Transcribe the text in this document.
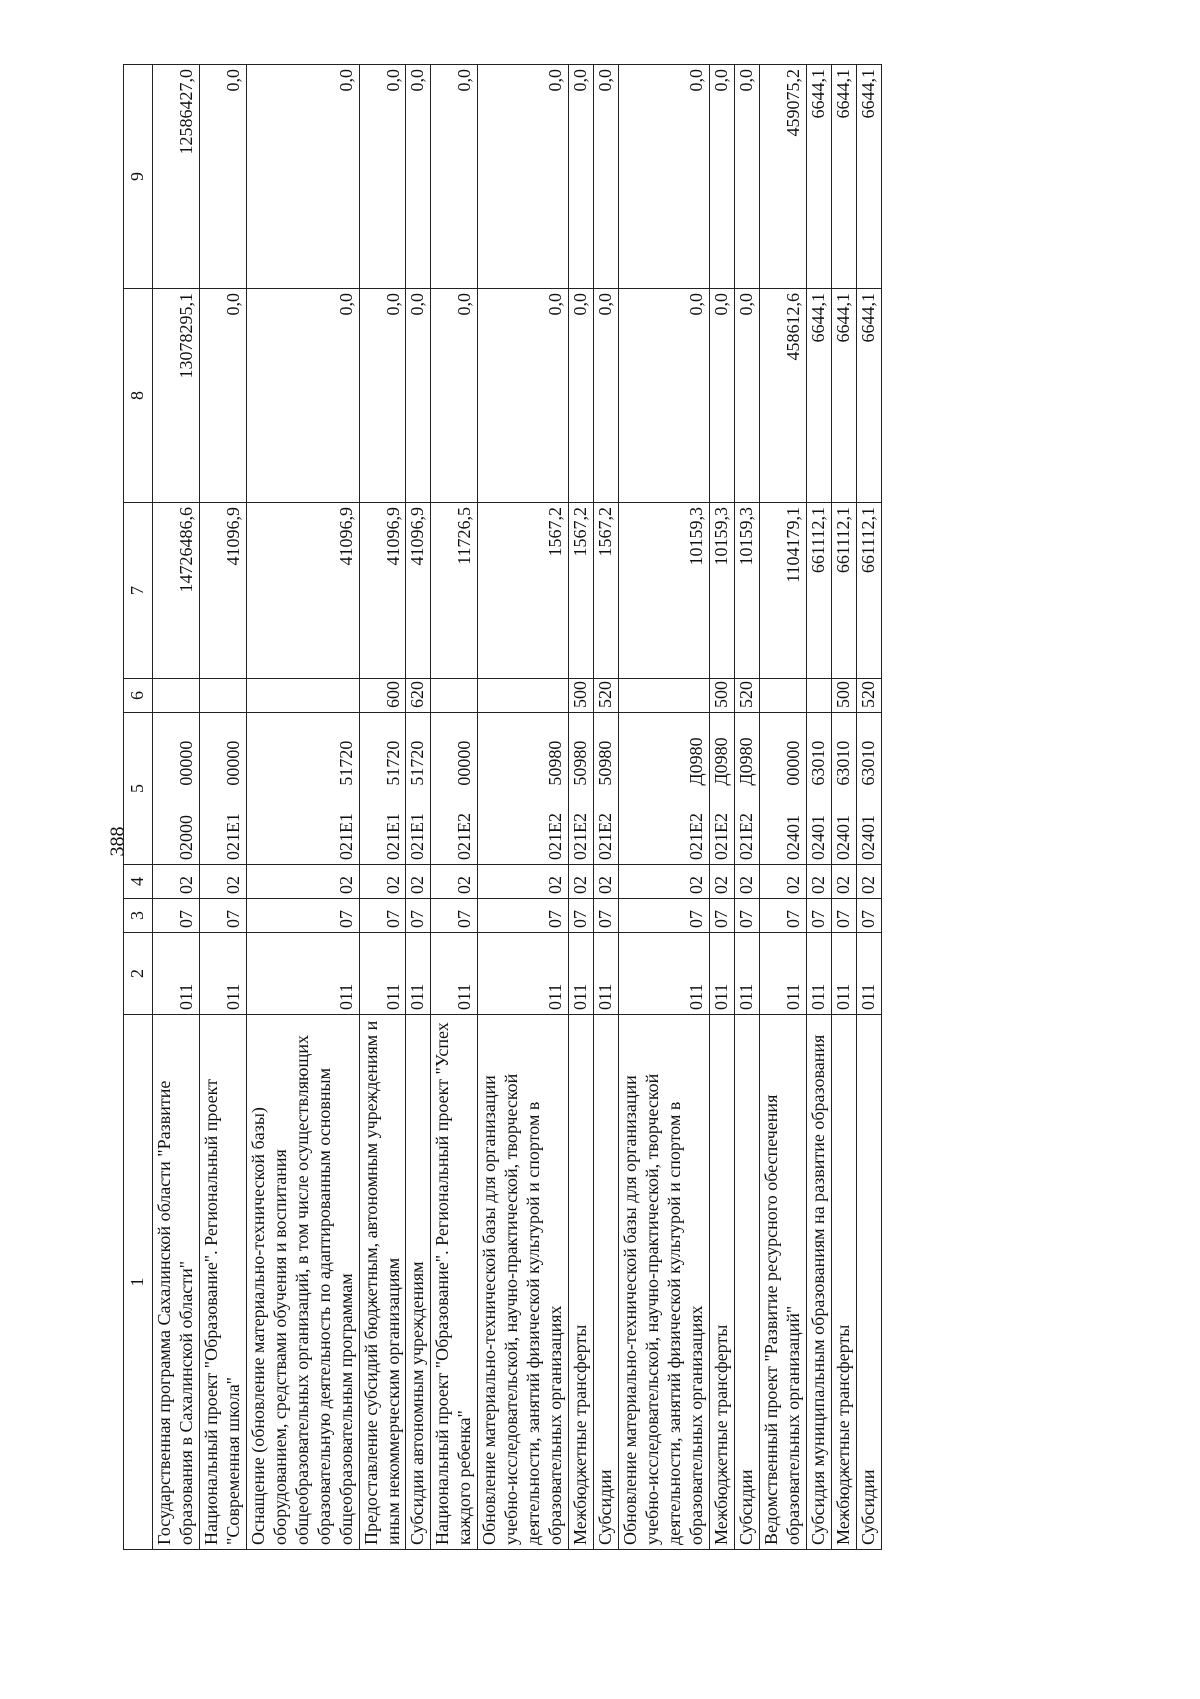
388
1	2	3	4	5	6	7	8	9
Государственная программа Сахалинской области "Развитие образования в Сахалинской области"	011	07	02	0200000000		14726486,6	13078295,1	12586427,0
Национальный проект "Образование". Региональный проект "Современная школа"	011	07	02	021E100000		41096,9	0,0	0,0
Оснащение (обновление материально-технической базы) оборудованием, средствами обучения и воспитания общеобразовательных организаций, в том числе осуществляющих образовательную деятельность по адаптированным основным общеобразовательным программам	011	07	02	021E151720		41096,9	0,0	0,0
Предоставление субсидий бюджетным, автономным учреждениям и иным некоммерческим организациям	011	07	02	021E151720	600	41096,9	0,0	0,0
Субсидии автономным учреждениям	011	07	02	021E151720	620	41096,9	0,0	0,0
Национальный проект "Образование". Региональный проект "Успех каждого ребенка"	011	07	02	021E200000		11726,5	0,0	0,0
Обновление материально-технической базы для организации учебно-исследовательской, научно-практической, творческой деятельности, занятий физической культурой и спортом в образовательных организациях	011	07	02	021E250980		1567,2	0,0	0,0
Межбюджетные трансферты	011	07	02	021E250980	500	1567,2	0,0	0,0
Субсидии	011	07	02	021E250980	520	1567,2	0,0	0,0
Обновление материально-технической базы для организации учебно-исследовательской, научно-практической, творческой деятельности, занятий физической культурой и спортом в образовательных организациях	011	07	02	021E2Д0980		10159,3	0,0	0,0
Межбюджетные трансферты	011	07	02	021E2Д0980	500	10159,3	0,0	0,0
Субсидии	011	07	02	021E2Д0980	520	10159,3	0,0	0,0
Ведомственный проект "Развитие ресурсного обеспечения образовательных организаций"	011	07	02	0240100000		1104179,1	458612,6	459075,2
Субсидия муниципальным образованиям на развитие образования	011	07	02	0240163010		661112,1	6644,1	6644,1
Межбюджетные трансферты	011	07	02	0240163010	500	661112,1	6644,1	6644,1
Субсидии	011	07	02	0240163010	520	661112,1	6644,1	6644,1
